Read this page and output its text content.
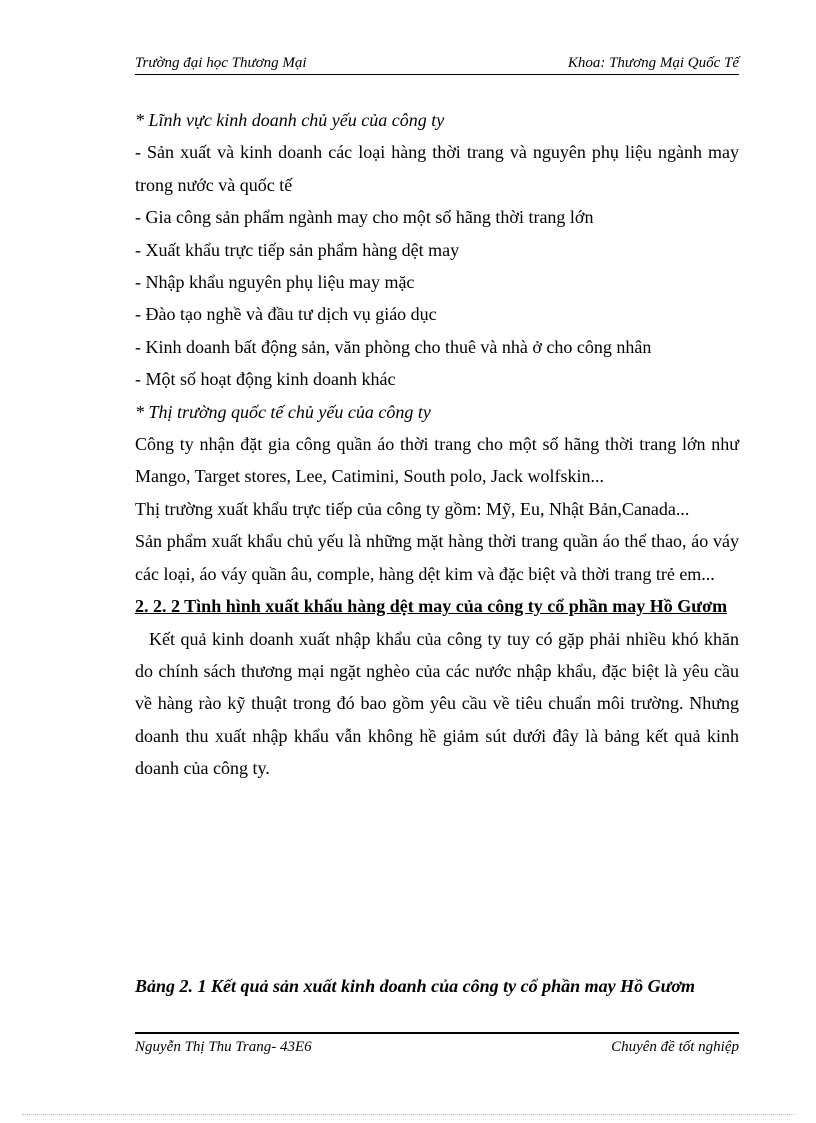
Trường đại học Thương Mại	Khoa: Thương Mại Quốc Tế

* Lĩnh vực kinh doanh chủ yếu của công ty

- Sản xuất và kinh doanh các loại hàng thời trang và nguyên phụ liệu ngành may trong nước và quốc tế

- Gia công sản phẩm ngành may cho một số hãng thời trang lớn

- Xuất khẩu trực tiếp sản phẩm hàng dệt may

- Nhập khẩu nguyên phụ liệu may mặc

- Đào tạo nghề và đầu tư dịch vụ giáo dục

- Kinh doanh bất động sản, văn phòng cho thuê và nhà ở cho công nhân

- Một số hoạt động kinh doanh khác

* Thị trường quốc tế chủ yếu của công ty

Công ty nhận đặt gia công quần áo thời trang cho một số hãng thời trang lớn như Mango, Target stores, Lee, Catimini, South polo, Jack wolfskin...

Thị trường xuất khẩu trực tiếp của công ty gồm: Mỹ, Eu, Nhật Bản,Canada...

Sản phẩm xuất khẩu chủ yếu là những mặt hàng thời trang quần áo thể thao, áo váy các loại, áo váy quần âu, comple, hàng dệt kim và đặc biệt và thời trang trẻ em...

2. 2. 2 Tình hình xuất khẩu hàng dệt may của công ty cổ phần may Hồ Gươm

Kết quả kinh doanh xuất nhập khẩu của công ty tuy có gặp phải nhiều khó khăn do chính sách thương mại ngặt nghèo của các nước nhập khẩu, đặc biệt là yêu cầu về hàng rào kỹ thuật trong đó bao gồm yêu cầu về tiêu chuẩn môi trường. Nhưng doanh thu xuất nhập khẩu vẫn không hề giảm sút dưới đây là bảng kết quả kinh doanh của công ty.

Bảng 2. 1 Kết quả sản xuất kinh doanh của công ty cổ phần may Hồ Gươm
Nguyễn Thị Thu Trang- 43E6	Chuyên đề tốt nghiệp
